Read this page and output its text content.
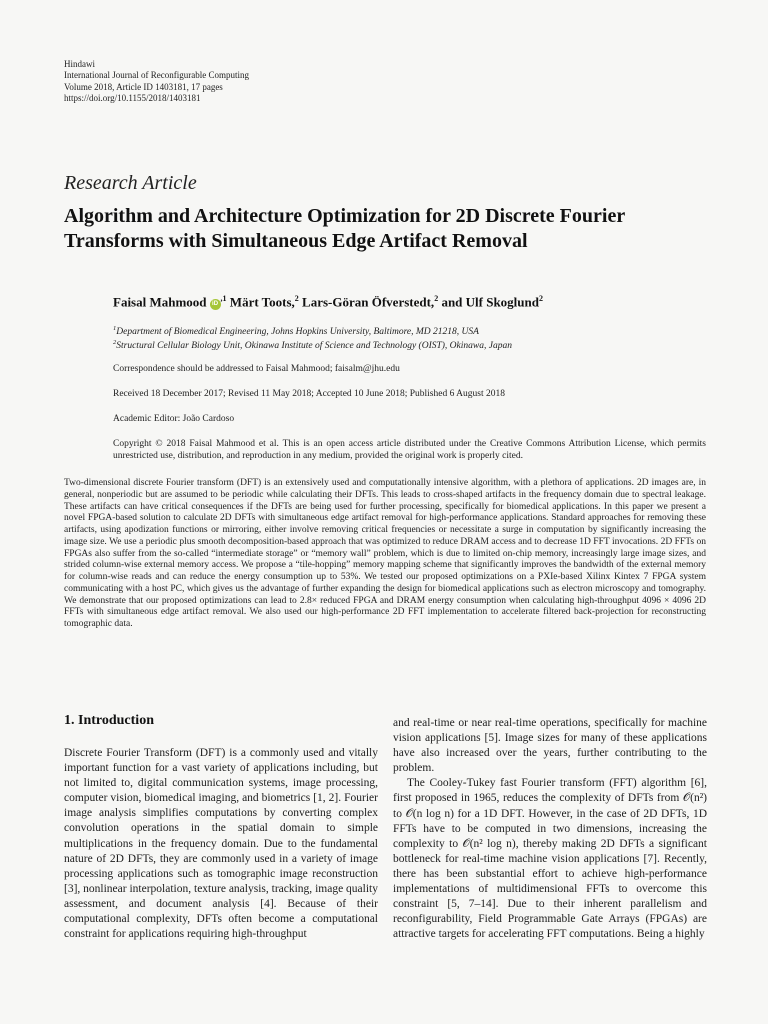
Hindawi
International Journal of Reconfigurable Computing
Volume 2018, Article ID 1403181, 17 pages
https://doi.org/10.1155/2018/1403181
Research Article
Algorithm and Architecture Optimization for 2D Discrete Fourier Transforms with Simultaneous Edge Artifact Removal
Faisal Mahmood $iD^{,1}$ Märt Toots,$^2$ Lars-Göran Öfverstedt,$^2$ and Ulf Skoglund$^2$
$^1$Department of Biomedical Engineering, Johns Hopkins University, Baltimore, MD 21218, USA
$^2$Structural Cellular Biology Unit, Okinawa Institute of Science and Technology (OIST), Okinawa, Japan
Correspondence should be addressed to Faisal Mahmood; faisalm@jhu.edu
Received 18 December 2017; Revised 11 May 2018; Accepted 10 June 2018; Published 6 August 2018
Academic Editor: João Cardoso
Copyright © 2018 Faisal Mahmood et al. This is an open access article distributed under the Creative Commons Attribution License, which permits unrestricted use, distribution, and reproduction in any medium, provided the original work is properly cited.
Two-dimensional discrete Fourier transform (DFT) is an extensively used and computationally intensive algorithm, with a plethora of applications. 2D images are, in general, nonperiodic but are assumed to be periodic while calculating their DFTs. This leads to cross-shaped artifacts in the frequency domain due to spectral leakage. These artifacts can have critical consequences if the DFTs are being used for further processing, specifically for biomedical applications. In this paper we present a novel FPGA-based solution to calculate 2D DFTs with simultaneous edge artifact removal for high-performance applications. Standard approaches for removing these artifacts, using apodization functions or mirroring, either involve removing critical frequencies or necessitate a surge in computation by significantly increasing the image size. We use a periodic plus smooth decomposition-based approach that was optimized to reduce DRAM access and to decrease 1D FFT invocations. 2D FFTs on FPGAs also suffer from the so-called “intermediate storage” or “memory wall” problem, which is due to limited on-chip memory, increasingly large image sizes, and strided column-wise external memory access. We propose a “tile-hopping” memory mapping scheme that significantly improves the bandwidth of the external memory for column-wise reads and can reduce the energy consumption up to 53%. We tested our proposed optimizations on a PXIe-based Xilinx Kintex 7 FPGA system communicating with a host PC, which gives us the advantage of further expanding the design for biomedical applications such as electron microscopy and tomography. We demonstrate that our proposed optimizations can lead to 2.8× reduced FPGA and DRAM energy consumption when calculating high-throughput 4096 × 4096 2D FFTs with simultaneous edge artifact removal. We also used our high-performance 2D FFT implementation to accelerate filtered back-projection for reconstructing tomographic data.
1. Introduction

Discrete Fourier Transform (DFT) is a commonly used and vitally important function for a vast variety of applications including, but not limited to, digital communication systems, image processing, computer vision, biomedical imaging, and biometrics [1, 2]. Fourier image analysis simplifies computations by converting complex convolution operations in the spatial domain to simple multiplications in the frequency domain. Due to the fundamental nature of 2D DFTs, they are commonly used in a variety of image processing applications such as tomographic image reconstruction [3], nonlinear interpolation, texture analysis, tracking, image quality assessment, and document analysis [4]. Because of their computational complexity, DFTs often become a computational constraint for applications requiring high-throughput

and real-time or near real-time operations, specifically for machine vision applications [5]. Image sizes for many of these applications have also increased over the years, further contributing to the problem.

The Cooley-Tukey fast Fourier transform (FFT) algorithm [6], first proposed in 1965, reduces the complexity of DFTs from 𝒪(n²) to 𝒪(n log n) for a 1D DFT. However, in the case of 2D DFTs, 1D FFTs have to be computed in two dimensions, increasing the complexity to 𝒪(n² log n), thereby making 2D DFTs a significant bottleneck for real-time machine vision applications [7]. Recently, there has been substantial effort to achieve high-performance implementations of multidimensional FFTs to overcome this constraint [5, 7–14]. Due to their inherent parallelism and reconfigurability, Field Programmable Gate Arrays (FPGAs) are attractive targets for accelerating FFT computations. Being a highly
